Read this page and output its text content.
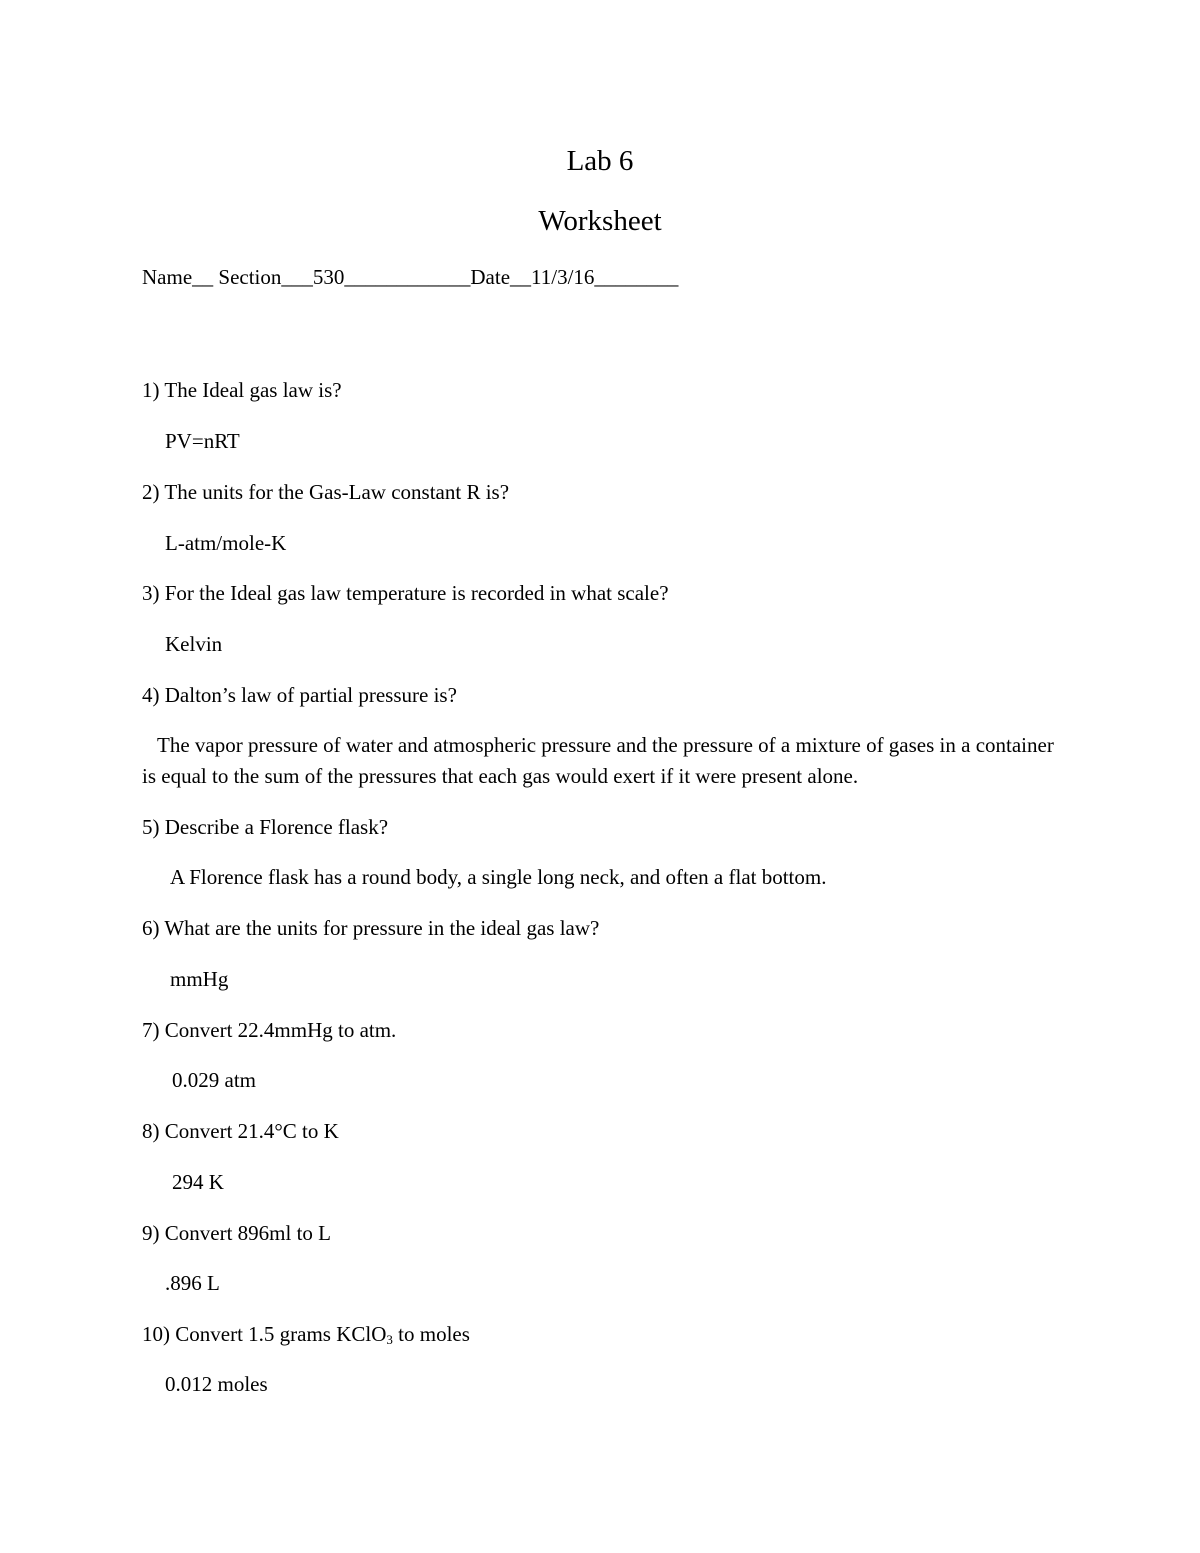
Lab 6
Worksheet
Name__ Section___530____________Date__11/3/16________
1) The Ideal gas law is?
PV=nRT
2) The units for the Gas-Law constant R is?
L-atm/mole-K
3) For the Ideal gas law temperature is recorded in what scale?
Kelvin
4) Dalton’s law of partial pressure is?
The vapor pressure of water and atmospheric pressure and the pressure of a mixture of gases in a container is equal to the sum of the pressures that each gas would exert if it were present alone.
5) Describe a Florence flask?
A Florence flask has a round body, a single long neck, and often a flat bottom.
6) What are the units for pressure in the ideal gas law?
mmHg
7) Convert 22.4mmHg to atm.
0.029 atm
8) Convert 21.4°C to K
294 K
9) Convert 896ml to L
.896 L
10) Convert 1.5 grams KClO$_3$ to moles
0.012 moles
